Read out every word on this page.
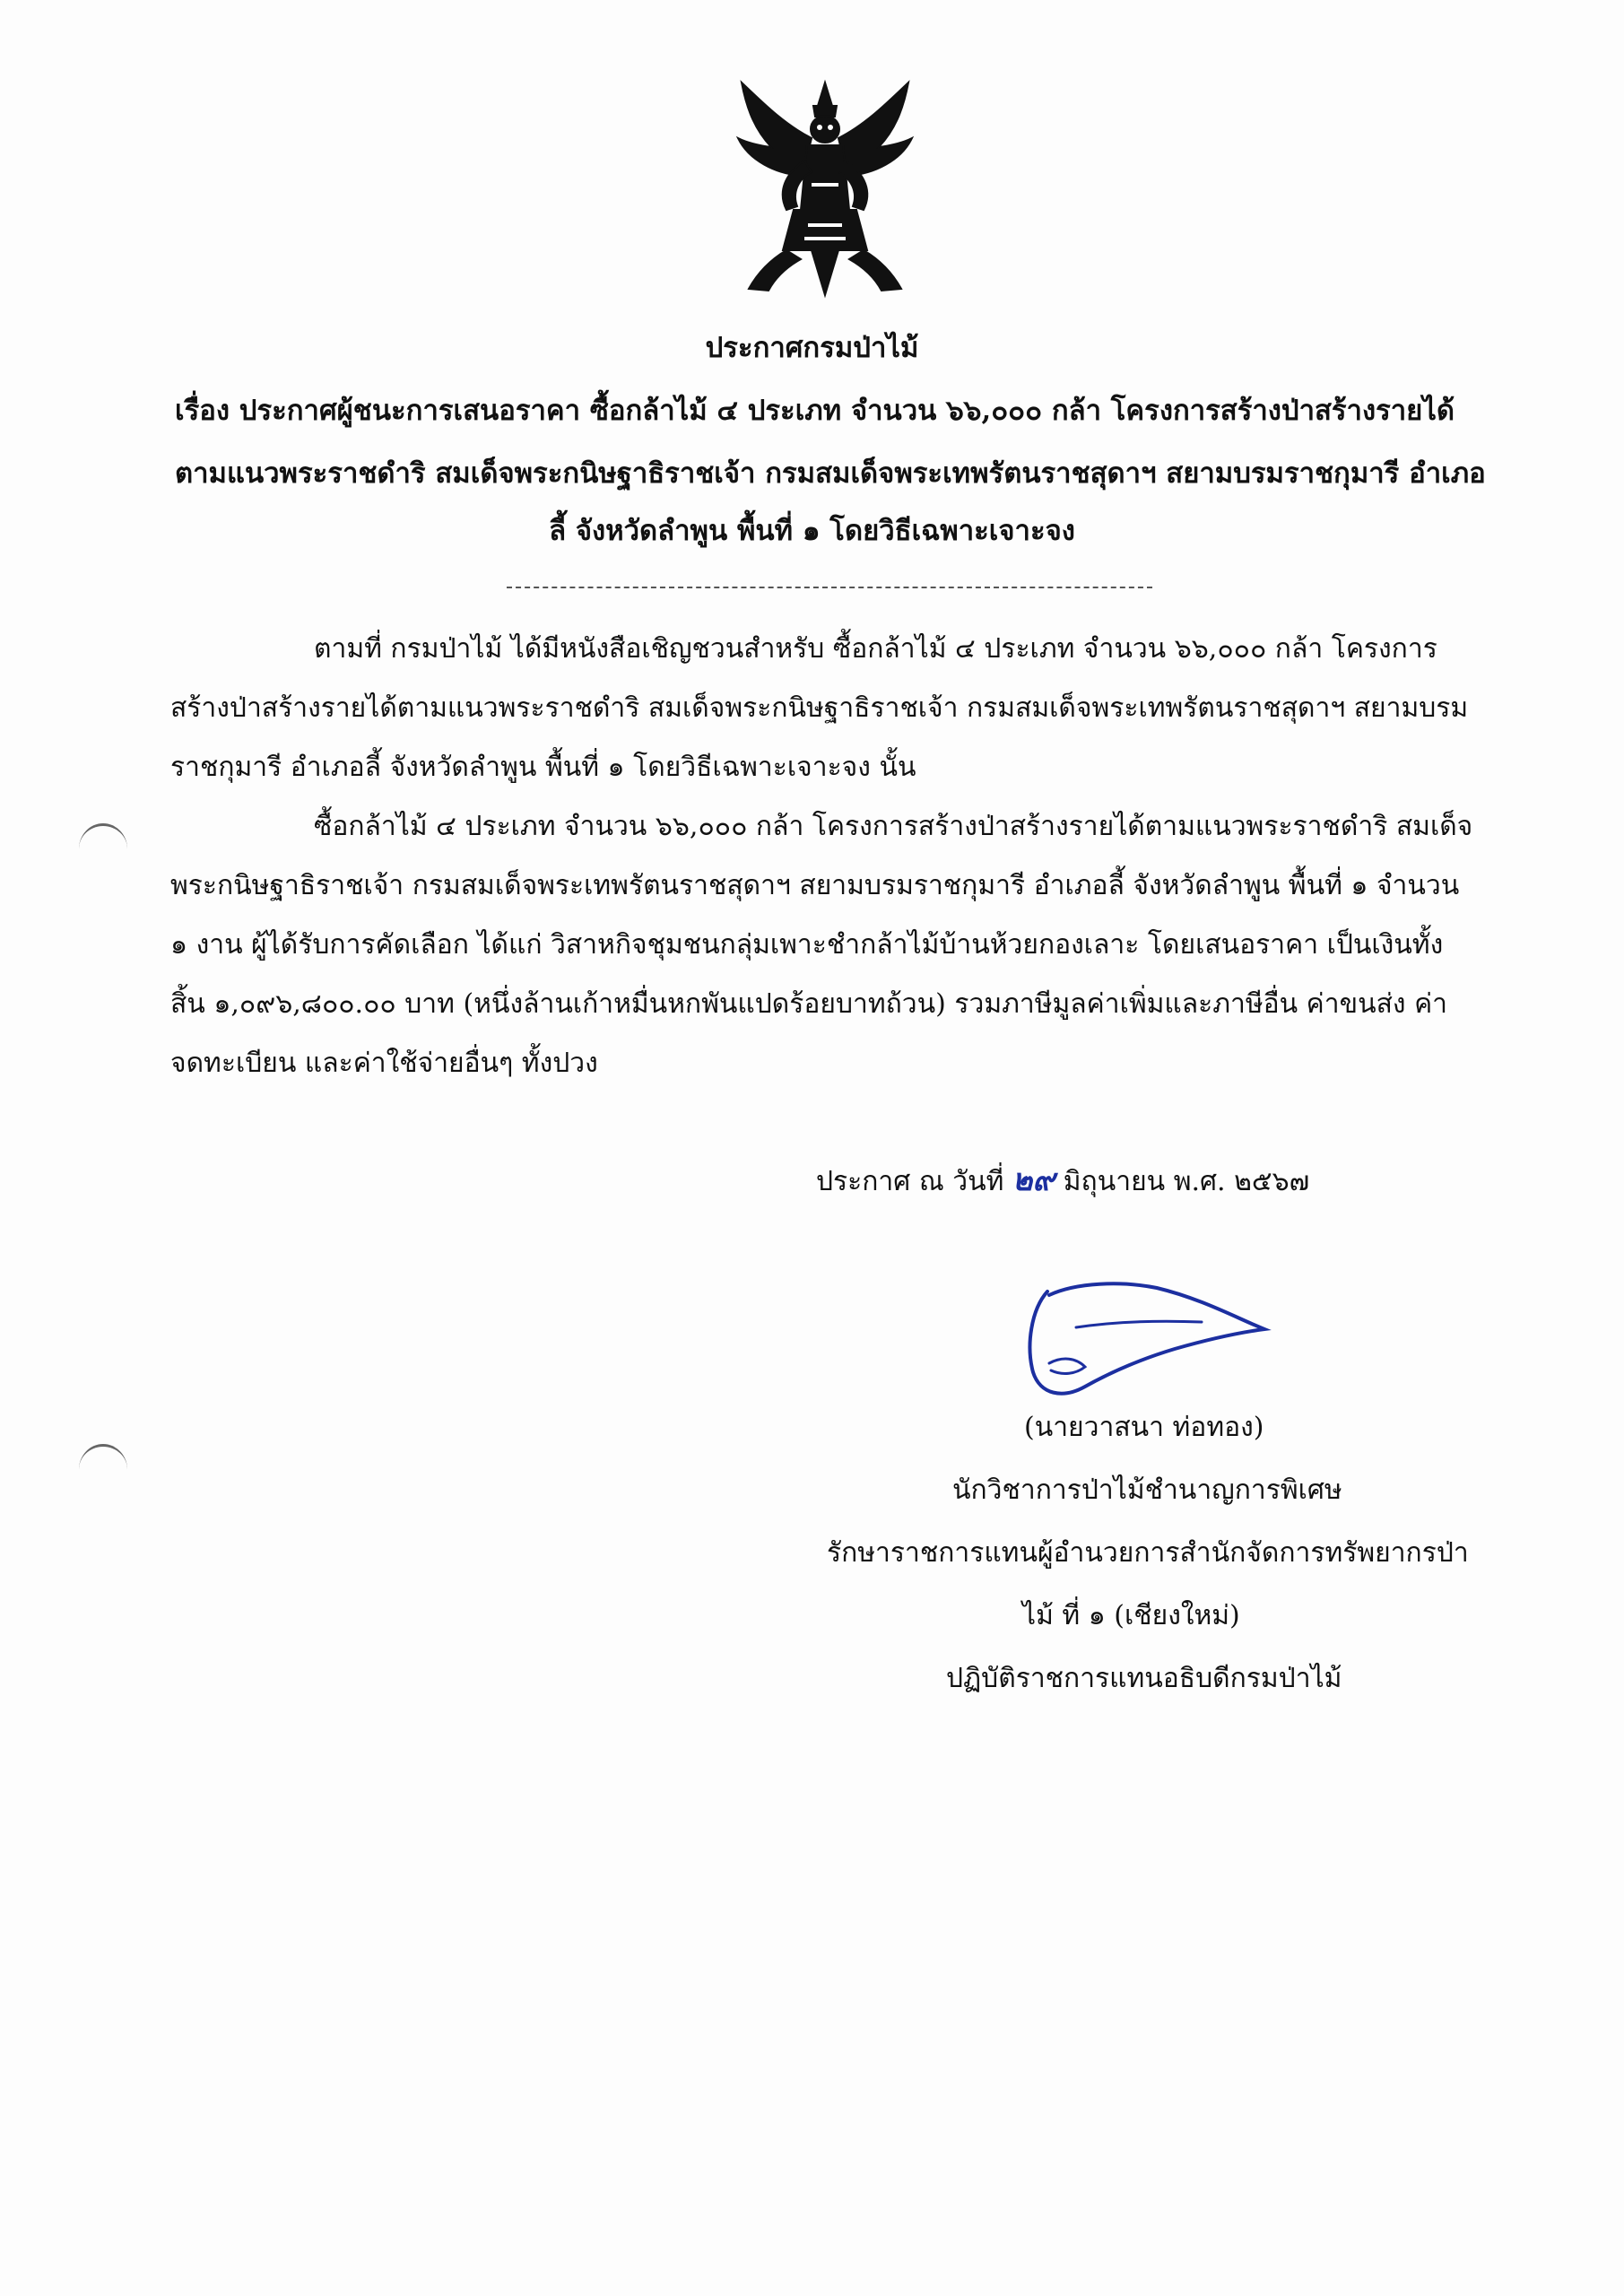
ประกาศกรมป่าไม้
เรื่อง ประกาศผู้ชนะการเสนอราคา ซื้อกล้าไม้ ๔ ประเภท จำนวน ๖๖,๐๐๐ กล้า โครงการสร้างป่าสร้างรายได้
ตามแนวพระราชดำริ สมเด็จพระกนิษฐาธิราชเจ้า กรมสมเด็จพระเทพรัตนราชสุดาฯ สยามบรมราชกุมารี อำเภอ
ลี้ จังหวัดลำพูน พื้นที่ ๑ โดยวิธีเฉพาะเจาะจง
ตามที่ กรมป่าไม้ ได้มีหนังสือเชิญชวนสำหรับ ซื้อกล้าไม้ ๔ ประเภท จำนวน ๖๖,๐๐๐ กล้า โครงการ
สร้างป่าสร้างรายได้ตามแนวพระราชดำริ สมเด็จพระกนิษฐาธิราชเจ้า กรมสมเด็จพระเทพรัตนราชสุดาฯ สยามบรม
ราชกุมารี อำเภอลี้ จังหวัดลำพูน พื้นที่ ๑ โดยวิธีเฉพาะเจาะจง นั้น
ซื้อกล้าไม้ ๔ ประเภท จำนวน ๖๖,๐๐๐ กล้า โครงการสร้างป่าสร้างรายได้ตามแนวพระราชดำริ สมเด็จ
พระกนิษฐาธิราชเจ้า กรมสมเด็จพระเทพรัตนราชสุดาฯ สยามบรมราชกุมารี อำเภอลี้ จังหวัดลำพูน พื้นที่ ๑ จำนวน
๑ งาน ผู้ได้รับการคัดเลือก ได้แก่ วิสาหกิจชุมชนกลุ่มเพาะชำกล้าไม้บ้านห้วยกองเลาะ โดยเสนอราคา เป็นเงินทั้ง
สิ้น ๑,๐๙๖,๘๐๐.๐๐ บาท (หนึ่งล้านเก้าหมื่นหกพันแปดร้อยบาทถ้วน) รวมภาษีมูลค่าเพิ่มและภาษีอื่น ค่าขนส่ง ค่า
จดทะเบียน และค่าใช้จ่ายอื่นๆ ทั้งปวง
ประกาศ ณ วันที่ ๒๙ มิถุนายน พ.ศ. ๒๕๖๗
(นายวาสนา ท่อทอง)
นักวิชาการป่าไม้ชำนาญการพิเศษ
รักษาราชการแทนผู้อำนวยการสำนักจัดการทรัพยากรป่า
ไม้ ที่ ๑ (เชียงใหม่)
ปฏิบัติราชการแทนอธิบดีกรมป่าไม้
